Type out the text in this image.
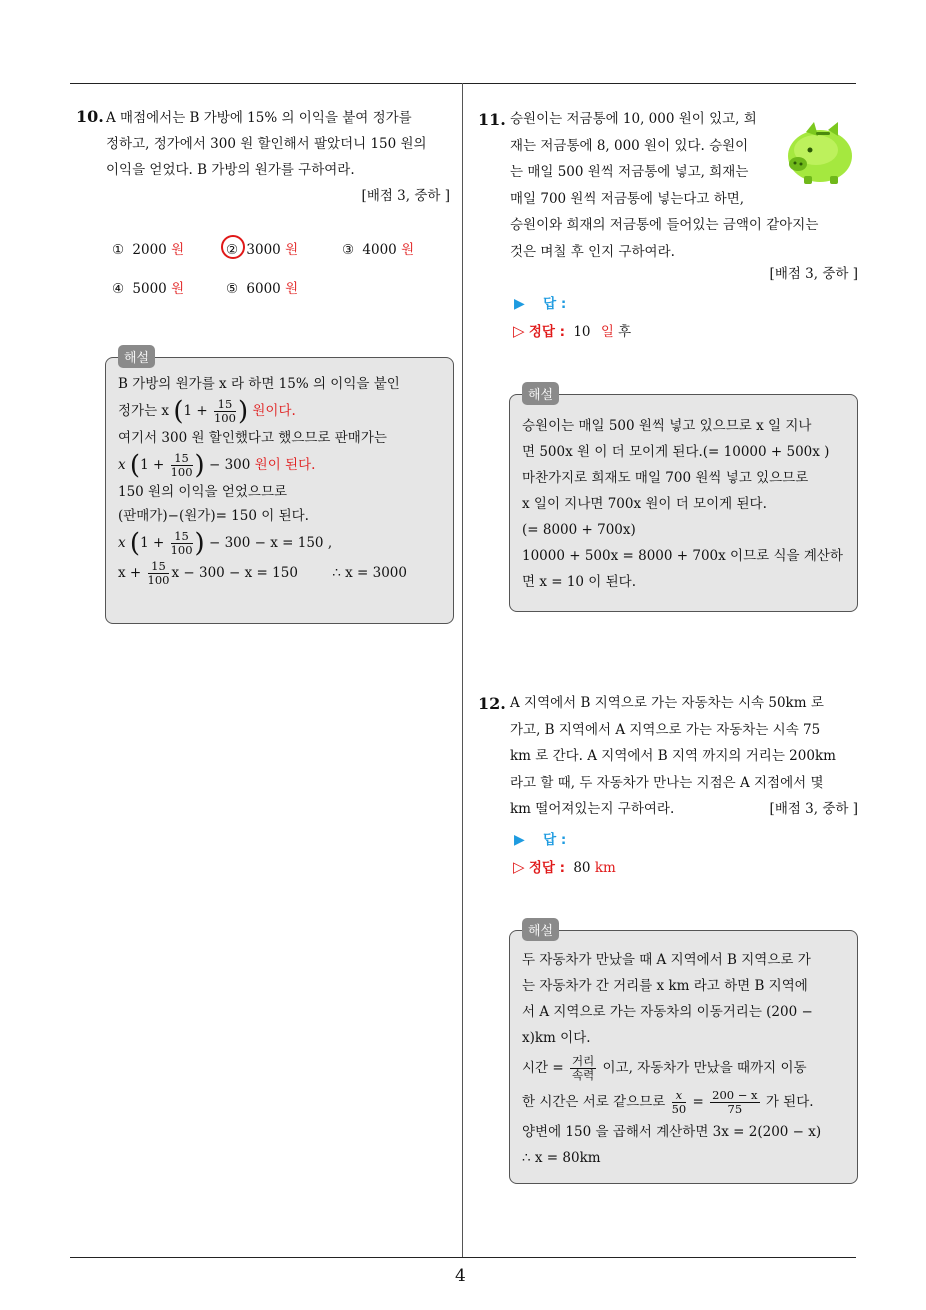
4
10. A 매점에서는 B 가방에 15% 의 이익을 붙여 정가를
정하고, 정가에서 300 원 할인해서 팔았더니 150 원의
이익을 얻었다. B 가방의 원가를 구하여라.
[배점 3, 중하 ]
① 2000 원	② 3000 원	③ 4000 원
④ 5000 원	⑤ 6000 원
해설
B 가방의 원가를 x 라 하면 15% 의 이익을 붙인
정가는 x ($1 + \frac{15}{100}$ ) 원이다.
여기서 300 원 할인했다고 했으므로 판매가는
x ($1 + \frac{15}{100}$ ) − 300 원이 된다.
150 원의 이익을 얻었으므로
(판매가)−(원가)= 150 이 된다.
x ($1 + \frac{15}{100}$ ) − 300 − x = 150 ,
$x + \frac{15}{100}$ x − 300 − x = 150	∴ x = 3000
11. 승원이는 저금통에 10, 000 원이 있고, 희
재는 저금통에 8, 000 원이 있다. 승원이
는 매일 500 원씩 저금통에 넣고, 희재는
매일 700 원씩 저금통에 넣는다고 하면,
승원이와 희재의 저금통에 들어있는 금액이 같아지는
것은 며칠 후 인지 구하여라.
[배점 3, 중하 ]
▶ 답 :
▷ 정답 : 10 일 후
해설
승원이는 매일 500 원씩 넣고 있으므로 x 일 지나
면 500x 원 이 더 모이게 된다.(= 10000 + 500x )
마찬가지로 희재도 매일 700 원씩 넣고 있으므로
x 일이 지나면 700x 원이 더 모이게 된다.
(= 8000 + 700x)
10000 + 500x = 8000 + 700x 이므로 식을 계산하
면 x = 10 이 된다.
12. A 지역에서 B 지역으로 가는 자동차는 시속 50km 로
가고, B 지역에서 A 지역으로 가는 자동차는 시속 75
km 로 간다. A 지역에서 B 지역 까지의 거리는 200km
라고 할 때, 두 자동차가 만나는 지점은 A 지점에서 몇
km 떨어져있는지 구하여라.	[배점 3, 중하 ]
▶ 답 :
▷ 정답 : 80 km
해설
두 자동차가 만났을 때 A 지역에서 B 지역으로 가
는 자동차가 간 거리를 x km 라고 하면 B 지역에
서 A 지역으로 가는 자동차의 이동거리는 (200 −
x)km 이다.
시간 = $\frac{\text{거리}}{\text{속력}}$ 이고, 자동차가 만났을 때까지 이동
한 시간은 서로 같으므로 $\frac{x}{50} = \frac{200 - x}{75}$ 가 된다.
양변에 150 을 곱해서 계산하면 3x = 2(200 − x)
∴ x = 80km
